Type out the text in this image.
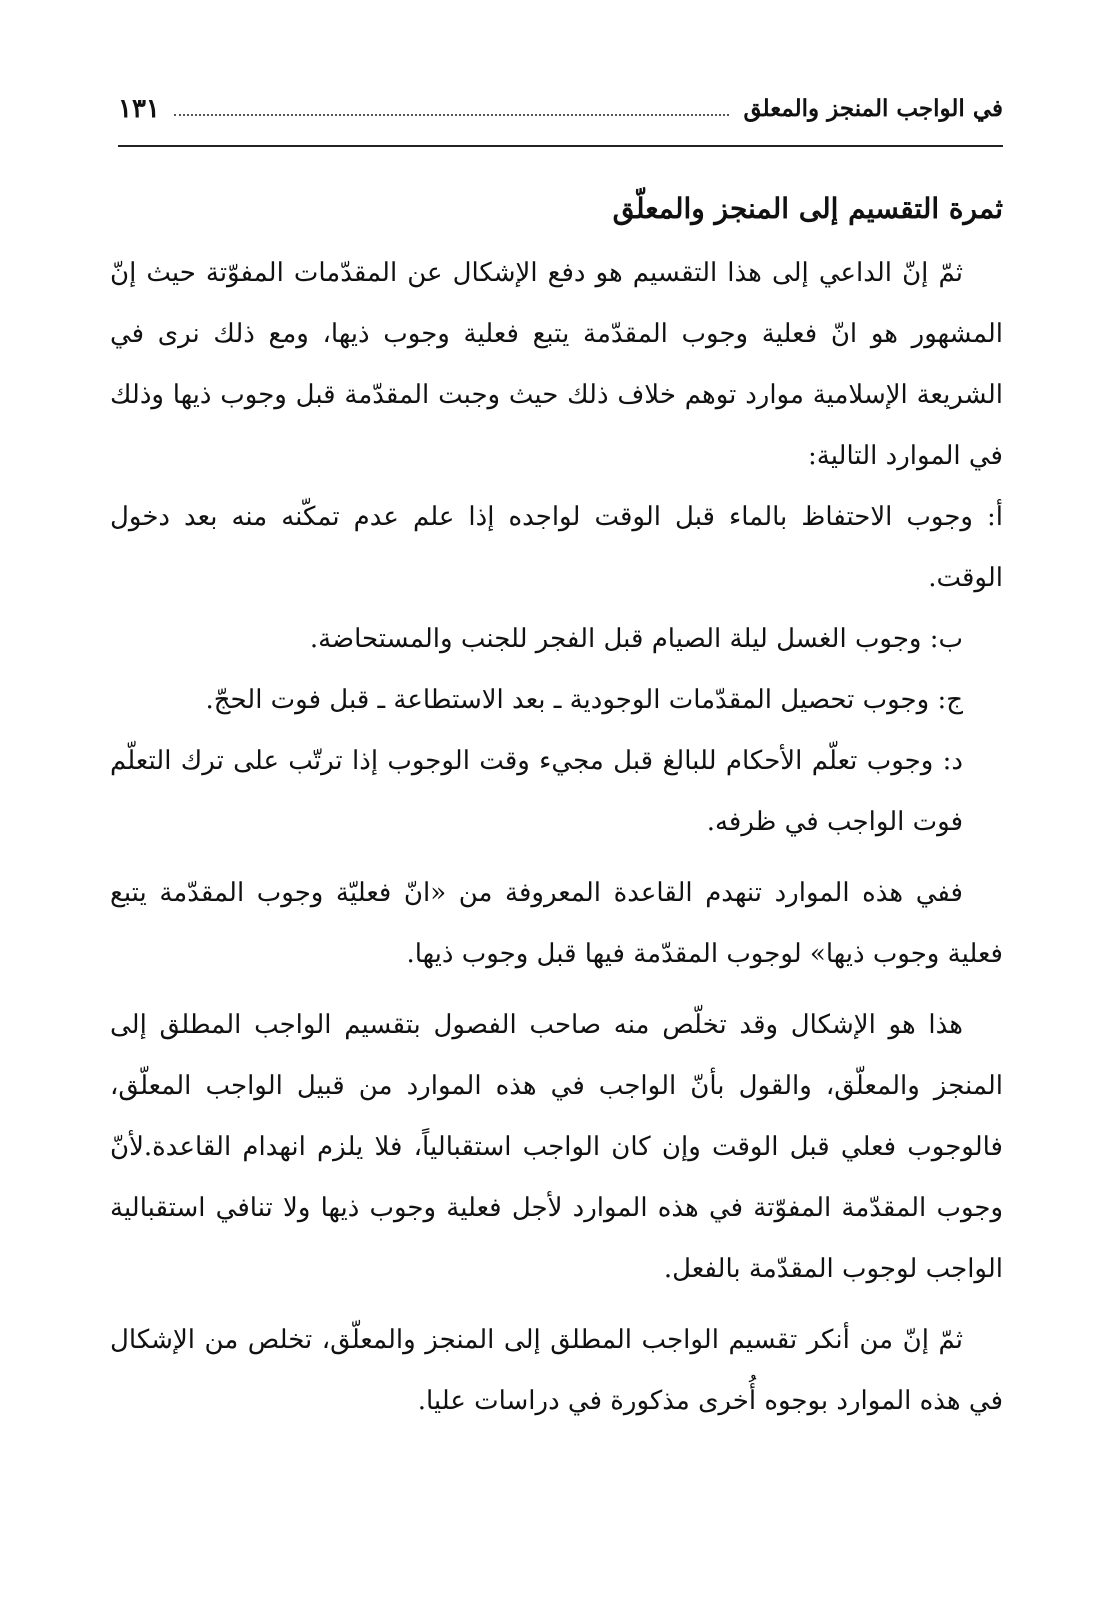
في الواجب المنجز والمعلق
١٣١
ثمرة التقسيم إلى المنجز والمعلّق

ثمّ إنّ الداعي إلى هذا التقسيم هو دفع الإشكال عن المقدّمات المفوّتة حيث إنّ المشهور هو انّ فعلية وجوب المقدّمة يتبع فعلية وجوب ذيها، ومع ذلك نرى في الشريعة الإسلامية موارد توهم خلاف ذلك حيث وجبت المقدّمة قبل وجوب ذيها وذلك في الموارد التالية:

أ: وجوب الاحتفاظ بالماء قبل الوقت لواجده إذا علم عدم تمكّنه منه بعد دخول الوقت.

ب: وجوب الغسل ليلة الصيام قبل الفجر للجنب والمستحاضة.

ج: وجوب تحصيل المقدّمات الوجودية ـ بعد الاستطاعة ـ قبل فوت الحجّ.

د: وجوب تعلّم الأحكام للبالغ قبل مجيء وقت الوجوب إذا ترتّب على ترك التعلّم فوت الواجب في ظرفه.

ففي هذه الموارد تنهدم القاعدة المعروفة من «انّ فعليّة وجوب المقدّمة يتبع فعلية وجوب ذيها» لوجوب المقدّمة فيها قبل وجوب ذيها.

هذا هو الإشكال وقد تخلّص منه صاحب الفصول بتقسيم الواجب المطلق إلى المنجز والمعلّق، والقول بأنّ الواجب في هذه الموارد من قبيل الواجب المعلّق، فالوجوب فعلي قبل الوقت وإن كان الواجب استقبالياً، فلا يلزم انهدام القاعدة.لأنّ وجوب المقدّمة المفوّتة في هذه الموارد لأجل فعلية وجوب ذيها ولا تنافي استقبالية الواجب لوجوب المقدّمة بالفعل.

ثمّ إنّ من أنكر تقسيم الواجب المطلق إلى المنجز والمعلّق، تخلص من الإشكال في هذه الموارد بوجوه أُخرى مذكورة في دراسات عليا.
